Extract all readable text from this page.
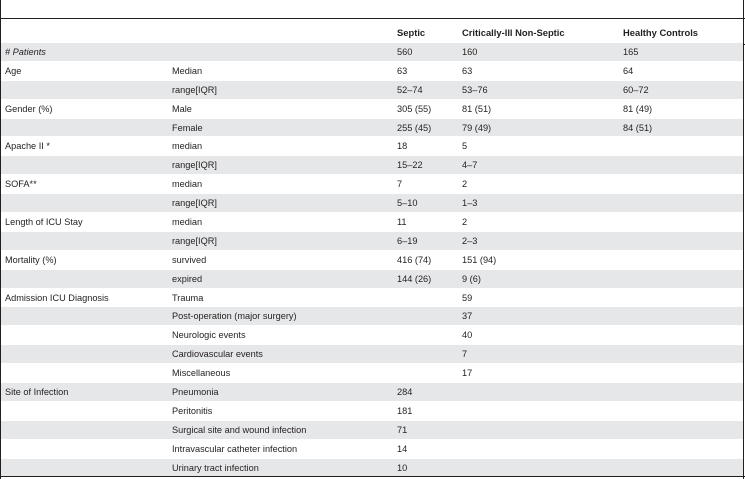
		Septic	Critically-Ill Non-Septic	Healthy Controls
# Patients		560	160	165
Age	Median	63	63	64
	range[IQR]	52–74	53–76	60–72
Gender (%)	Male	305 (55)	81 (51)	81 (49)
	Female	255 (45)	79 (49)	84 (51)
Apache II *	median	18	5	
	range[IQR]	15–22	4–7	
SOFA**	median	7	2	
	range[IQR]	5–10	1–3	
Length of ICU Stay	median	11	2	
	range[IQR]	6–19	2–3	
Mortality (%)	survived	416 (74)	151 (94)	
	expired	144 (26)	9 (6)	
Admission ICU Diagnosis	Trauma		59	
	Post-operation (major surgery)		37	
	Neurologic events		40	
	Cardiovascular events		7	
	Miscellaneous		17	
Site of Infection	Pneumonia	284		
	Peritonitis	181		
	Surgical site and wound infection	71		
	Intravascular catheter infection	14		
	Urinary tract infection	10		
